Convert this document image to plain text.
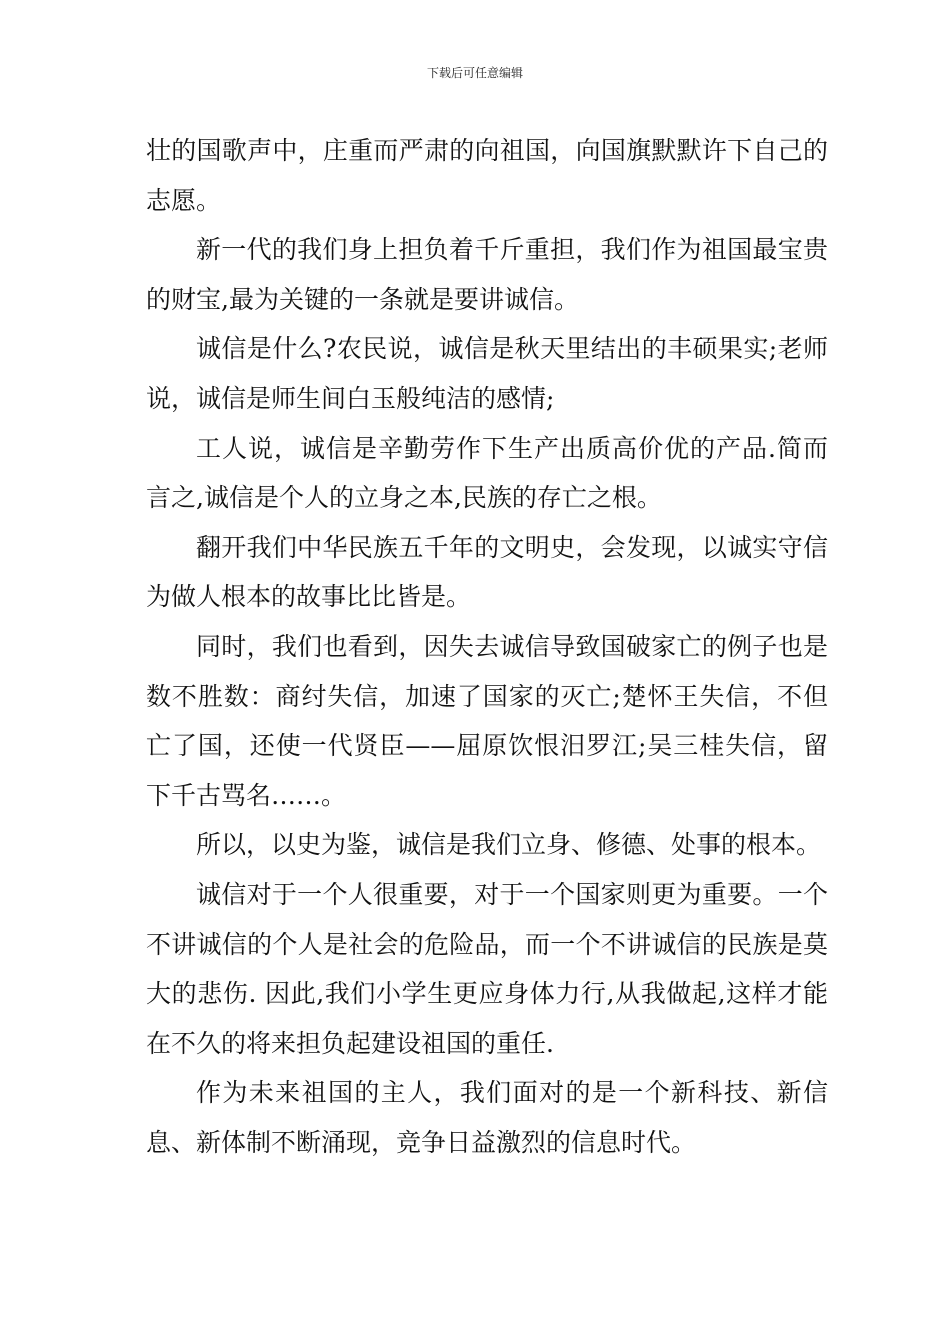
下载后可任意编辑

壮的国歌声中，庄重而严肃的向祖国，向国旗默默许下自己的志愿。

新一代的我们身上担负着千斤重担，我们作为祖国最宝贵的财宝,最为关键的一条就是要讲诚信。

诚信是什么?农民说，诚信是秋天里结出的丰硕果实;老师说，诚信是师生间白玉般纯洁的感情;

工人说，诚信是辛勤劳作下生产出质高价优的产品.简而言之,诚信是个人的立身之本,民族的存亡之根。

翻开我们中华民族五千年的文明史，会发现，以诚实守信为做人根本的故事比比皆是。

同时，我们也看到，因失去诚信导致国破家亡的例子也是数不胜数：商纣失信，加速了国家的灭亡;楚怀王失信，不但亡了国，还使一代贤臣——屈原饮恨汨罗江;吴三桂失信，留下千古骂名……。

所以，以史为鉴，诚信是我们立身、修德、处事的根本。

诚信对于一个人很重要，对于一个国家则更为重要。一个不讲诚信的个人是社会的危险品，而一个不讲诚信的民族是莫大的悲伤. 因此,我们小学生更应身体力行,从我做起,这样才能在不久的将来担负起建设祖国的重任.

作为未来祖国的主人，我们面对的是一个新科技、新信息、新体制不断涌现，竞争日益激烈的信息时代。
